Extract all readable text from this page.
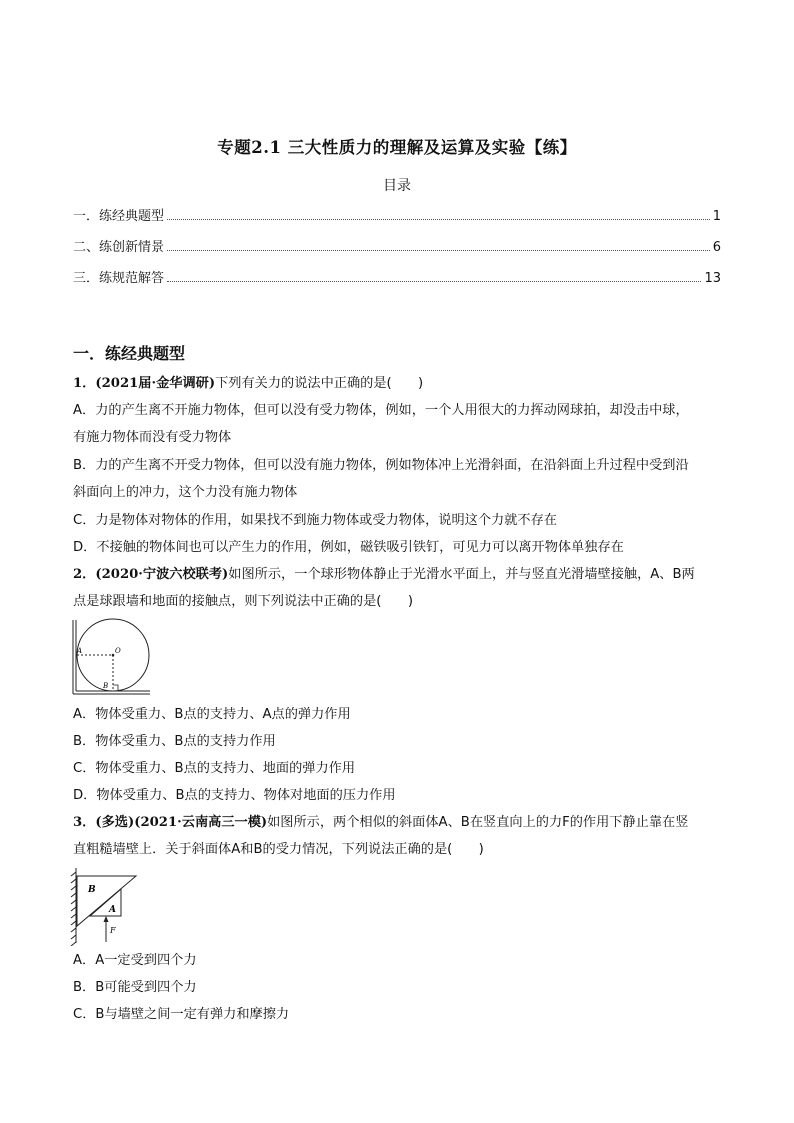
专题2.1 三大性质力的理解及运算及实验【练】
目录
一．练经典题型	1
二、练创新情景	6
三．练规范解答	13
一．练经典题型
1．(2021届·金华调研)下列有关力的说法中正确的是(　　)
A．力的产生离不开施力物体，但可以没有受力物体，例如，一个人用很大的力挥动网球拍，却没击中球，
有施力物体而没有受力物体
B．力的产生离不开受力物体，但可以没有施力物体，例如物体冲上光滑斜面，在沿斜面上升过程中受到沿
斜面向上的冲力，这个力没有施力物体
C．力是物体对物体的作用，如果找不到施力物体或受力物体，说明这个力就不存在
D．不接触的物体间也可以产生力的作用，例如，磁铁吸引铁钉，可见力可以离开物体单独存在
2．(2020·宁波六校联考)如图所示，一个球形物体静止于光滑水平面上，并与竖直光滑墙壁接触，A、B两
点是球跟墙和地面的接触点，则下列说法中正确的是(　　)
A	O
B
A．物体受重力、B点的支持力、A点的弹力作用
B．物体受重力、B点的支持力作用
C．物体受重力、B点的支持力、地面的弹力作用
D．物体受重力、B点的支持力、物体对地面的压力作用
3．(多选)(2021·云南高三一模)如图所示，两个相似的斜面体A、B在竖直向上的力F的作用下静止靠在竖
直粗糙墙壁上．关于斜面体A和B的受力情况，下列说法正确的是(　　)
B
A
F
A．A一定受到四个力
B．B可能受到四个力
C．B与墙壁之间一定有弹力和摩擦力
